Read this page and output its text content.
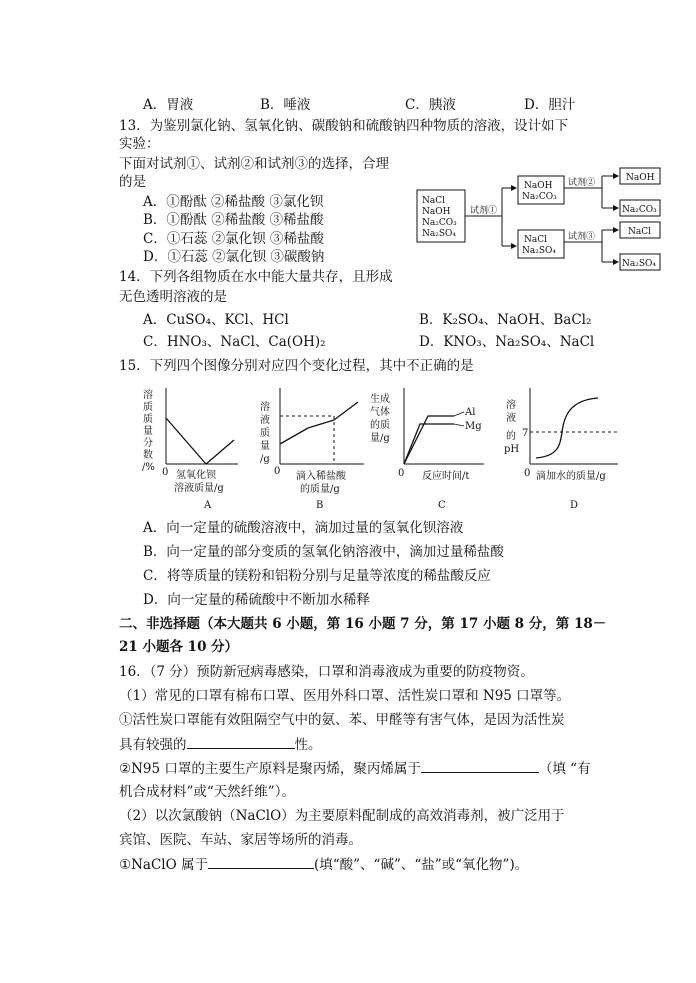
A．胃液	B．唾液	C．胰液	D．胆汁
13．为鉴别氯化钠、氢氧化钠、碳酸钠和硫酸钠四种物质的溶液，设计如下
实验：
下面对试剂①、试剂②和试剂③的选择，合理
的是
A．①酚酞 ②稀盐酸 ③氯化钡
B．①酚酞 ②稀盐酸 ③稀盐酸
C．①石蕊 ②氯化钡 ③稀盐酸
D．①石蕊 ②氯化钡 ③碳酸钠
NaCl
NaOH
Na₂CO₃
Na₂SO₄
试剂①
NaOH
Na₂CO₃
NaCl
Na₂SO₄
试剂②
试剂③
NaOH
Na₂CO₃
NaCl
Na₂SO₄
14．下列各组物质在水中能大量共存，且形成
无色透明溶液的是
A．CuSO₄、KCl、HCl	B．K₂SO₄、NaOH、BaCl₂
C．HNO₃、NaCl、Ca(OH)₂	D．KNO₃、Na₂SO₄、NaCl
15．下列四个图像分别对应四个变化过程，其中不正确的是
溶
质
质
量
分
数
/% 0 氢氧化钡
溶液质量/g
A
溶
液
质
量
/g
0 滴入稀盐酸
的质量/g
B
Al
Mg
生成
气体
的质
量/g
0 反应时间/t
C
7
溶
液
的
pH
0 滴加水的质量/g
D
A．向一定量的硫酸溶液中，滴加过量的氢氧化钡溶液
B．向一定量的部分变质的氢氧化钠溶液中，滴加过量稀盐酸
C．将等质量的镁粉和铝粉分别与足量等浓度的稀盐酸反应
D．向一定量的稀硫酸中不断加水稀释
二、非选择题（本大题共 6 小题，第 16 小题 7 分，第 17 小题 8 分，第 18－
21 小题各 10 分）
16．（7 分）预防新冠病毒感染，口罩和消毒液成为重要的防疫物资。
（1）常见的口罩有棉布口罩、医用外科口罩、活性炭口罩和 N95 口罩等。
①活性炭口罩能有效阻隔空气中的氨、苯、甲醛等有害气体，是因为活性炭
具有较强的	性。
②N95 口罩的主要生产原料是聚丙烯，聚丙烯属于	（填 “有
机合成材料”或“天然纤维”）。
（2）以次氯酸钠（NaClO）为主要原料配制成的高效消毒剂，被广泛用于
宾馆、医院、车站、家居等场所的消毒。
①NaClO 属于	(填“酸”、“碱”、“盐”或“氧化物”)。
